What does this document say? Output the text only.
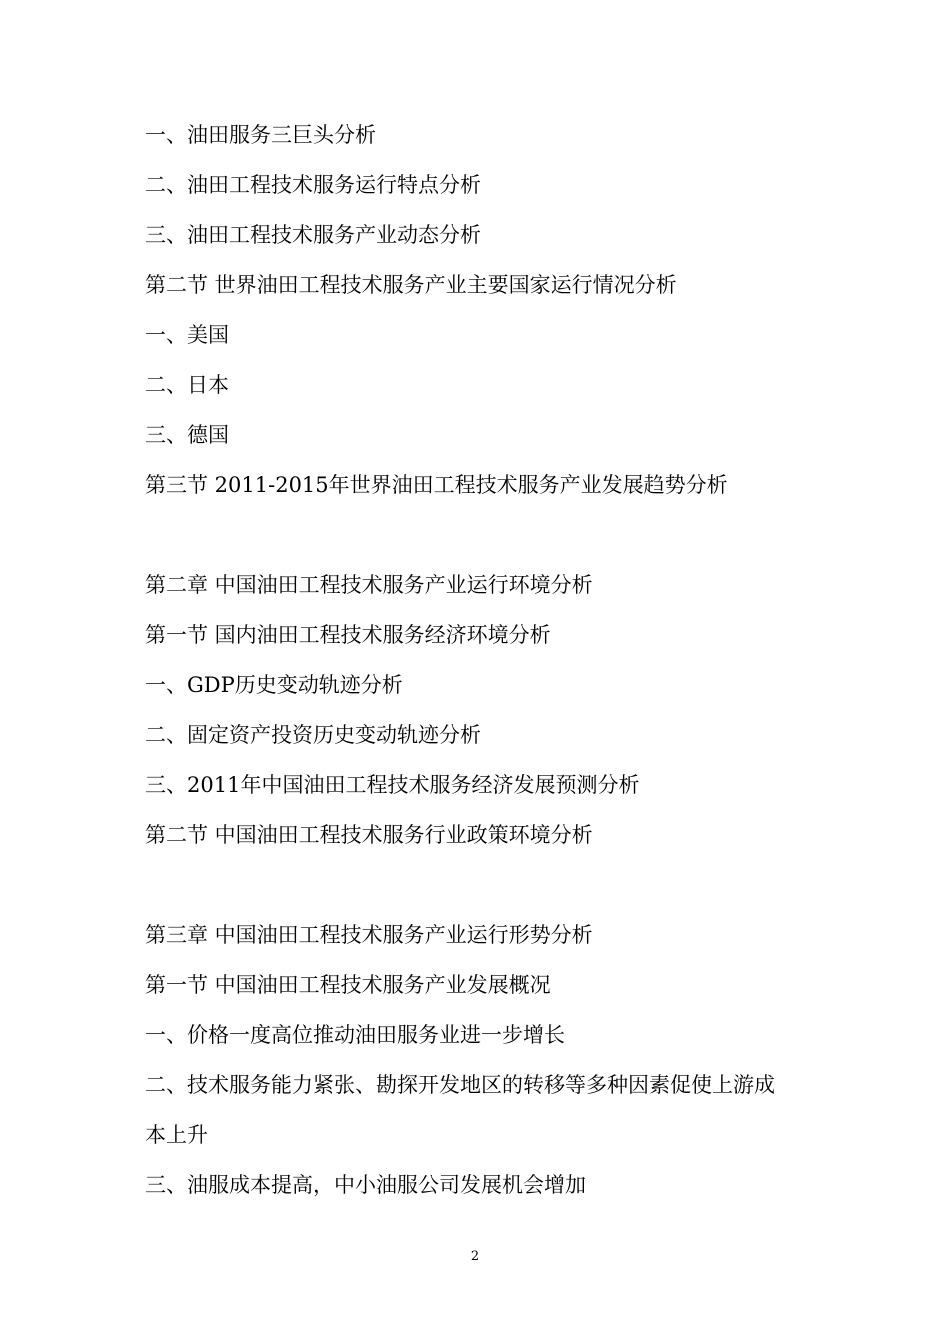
一、油田服务三巨头分析
二、油田工程技术服务运行特点分析
三、油田工程技术服务产业动态分析
第二节 世界油田工程技术服务产业主要国家运行情况分析
一、美国
二、日本
三、德国
第三节 2011-2015年世界油田工程技术服务产业发展趋势分析
第二章 中国油田工程技术服务产业运行环境分析
第一节 国内油田工程技术服务经济环境分析
一、GDP历史变动轨迹分析
二、固定资产投资历史变动轨迹分析
三、2011年中国油田工程技术服务经济发展预测分析
第二节 中国油田工程技术服务行业政策环境分析
第三章 中国油田工程技术服务产业运行形势分析
第一节 中国油田工程技术服务产业发展概况
一、价格一度高位推动油田服务业进一步增长
二、技术服务能力紧张、勘探开发地区的转移等多种因素促使上游成
本上升
三、油服成本提高，中小油服公司发展机会增加
2
